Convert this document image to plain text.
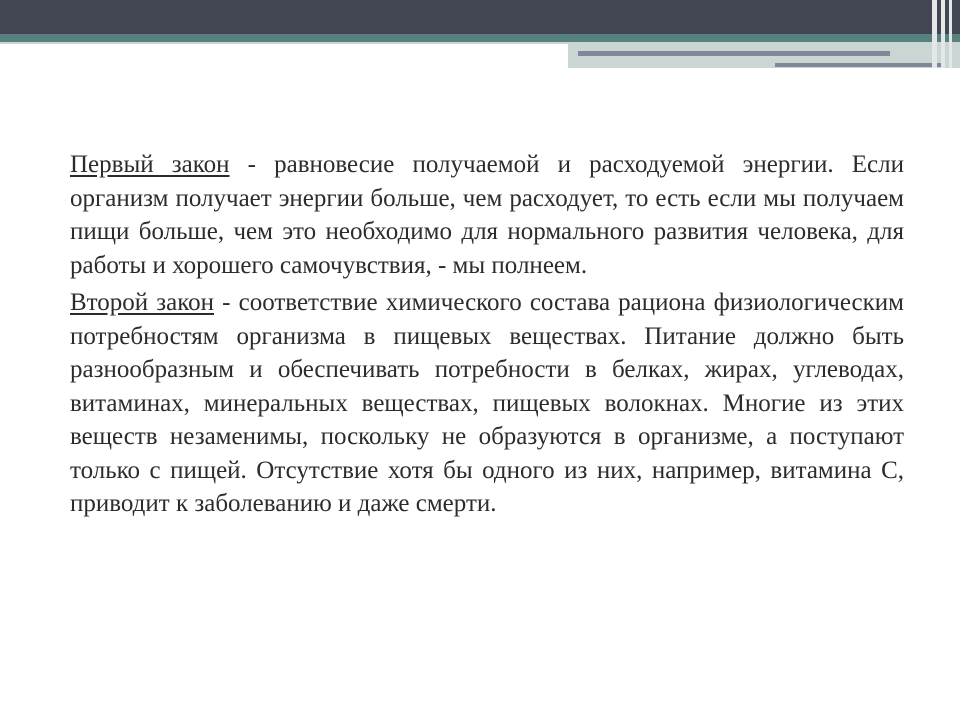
Первый закон - равновесие получаемой и расходуемой энергии. Если организм получает энергии больше, чем расходует, то есть если мы получаем пищи больше, чем это необходимо для нормального развития человека, для работы и хорошего самочувствия, - мы полнеем.

Второй закон - соответствие химического состава рациона физиологическим потребностям организма в пищевых веществах. Питание должно быть разнообразным и обеспечивать потребности в белках, жирах, углеводах, витаминах, минеральных веществах, пищевых волокнах. Многие из этих веществ незаменимы, поскольку не образуются в организме, а поступают только с пищей. Отсутствие хотя бы одного из них, например, витамина С, приводит к заболеванию и даже смерти.
